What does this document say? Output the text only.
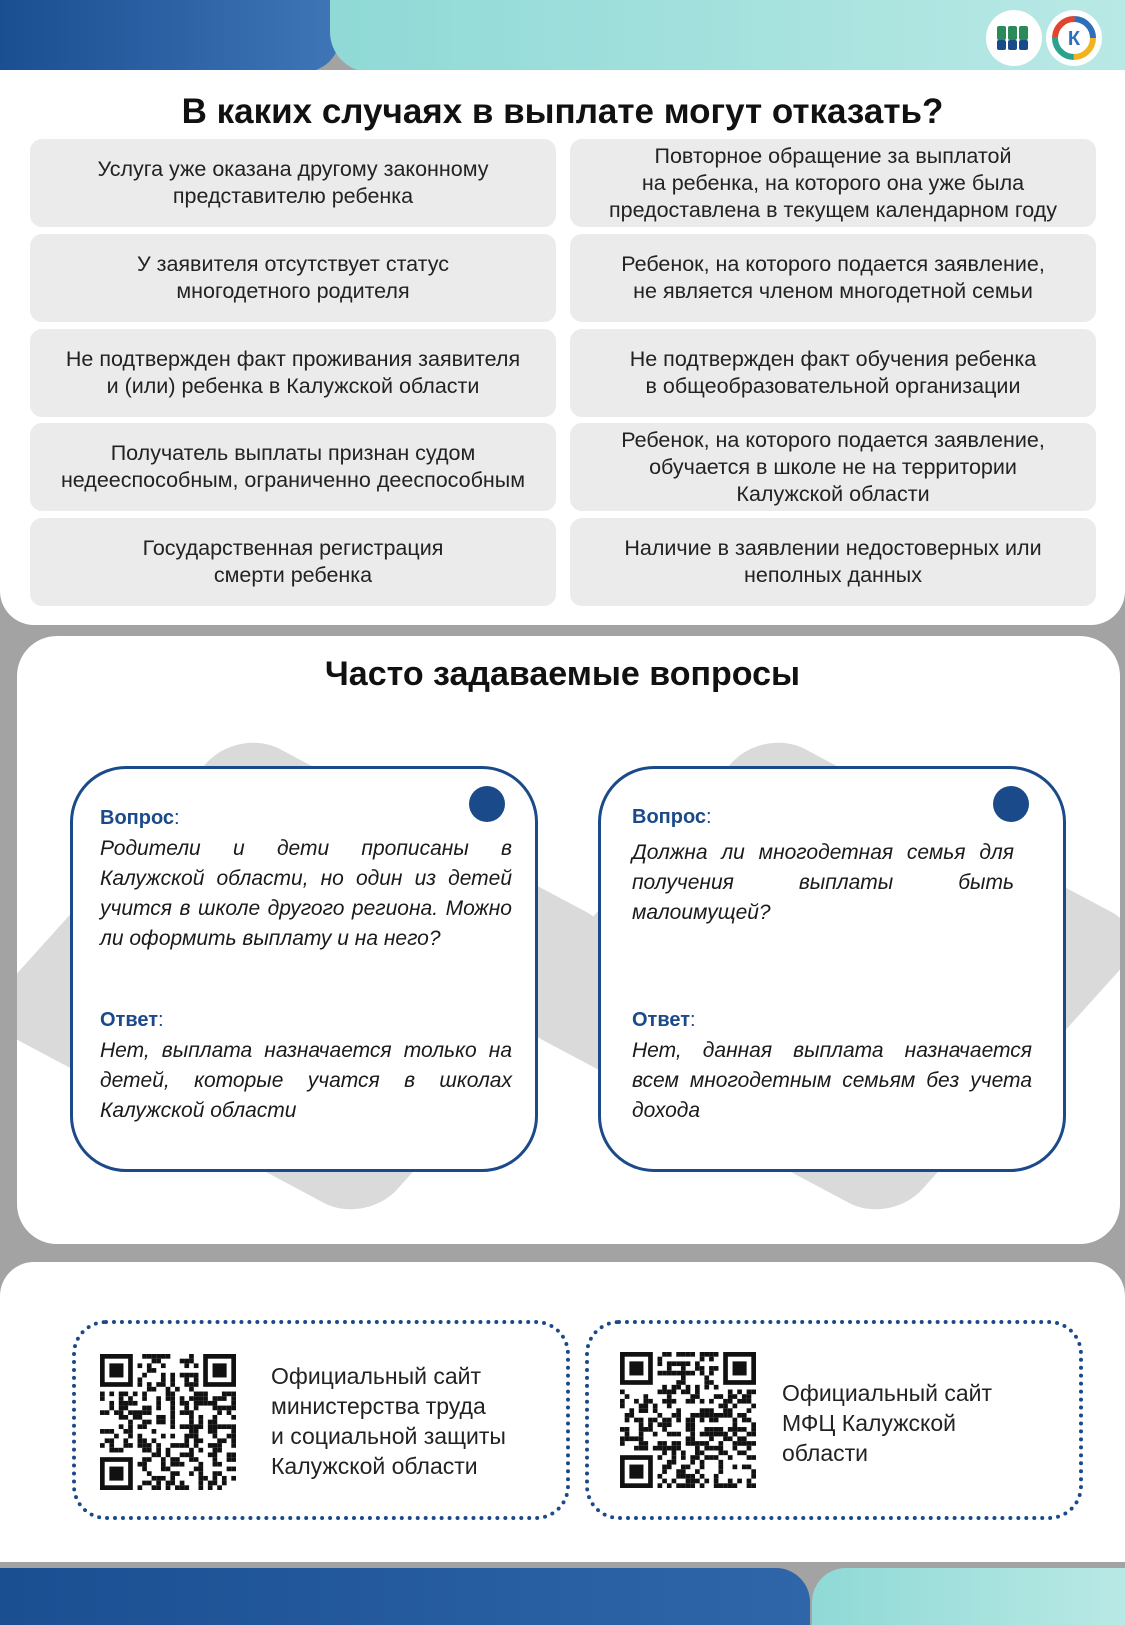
К
В каких случаях в выплате могут отказать?
Услуга уже оказана другому законному
представителю ребенка
Повторное обращение за выплатой
на ребенка, на которого она уже была
предоставлена в текущем календарном году
У заявителя отсутствует статус
многодетного родителя
Ребенок, на которого подается заявление,
не является членом многодетной семьи
Не подтвержден факт проживания заявителя
и (или) ребенка в Калужской области
Не подтвержден факт обучения ребенка
в общеобразовательной организации
Получатель выплаты признан судом
недееспособным, ограниченно дееспособным
Ребенок, на которого подается заявление,
обучается в школе не на территории
Калужской области
Государственная регистрация
смерти ребенка
Наличие в заявлении недостоверных или
неполных данных
Часто задаваемые вопросы
Вопрос:
Родители и дети прописаны в Калужской области, но один из детей учится в школе другого региона. Можно ли оформить выплату и на него?
Ответ:
Нет, выплата назначается только на детей, которые учатся в школах Калужской области
Вопрос:
Должна ли многодетная семья для получения выплаты быть малоимущей?
Ответ:
Нет, данная выплата назначается всем многодетным семьям без учета дохода
Официальный сайт
министерства труда
и социальной защиты
Калужской области
Официальный сайт
МФЦ Калужской
области
